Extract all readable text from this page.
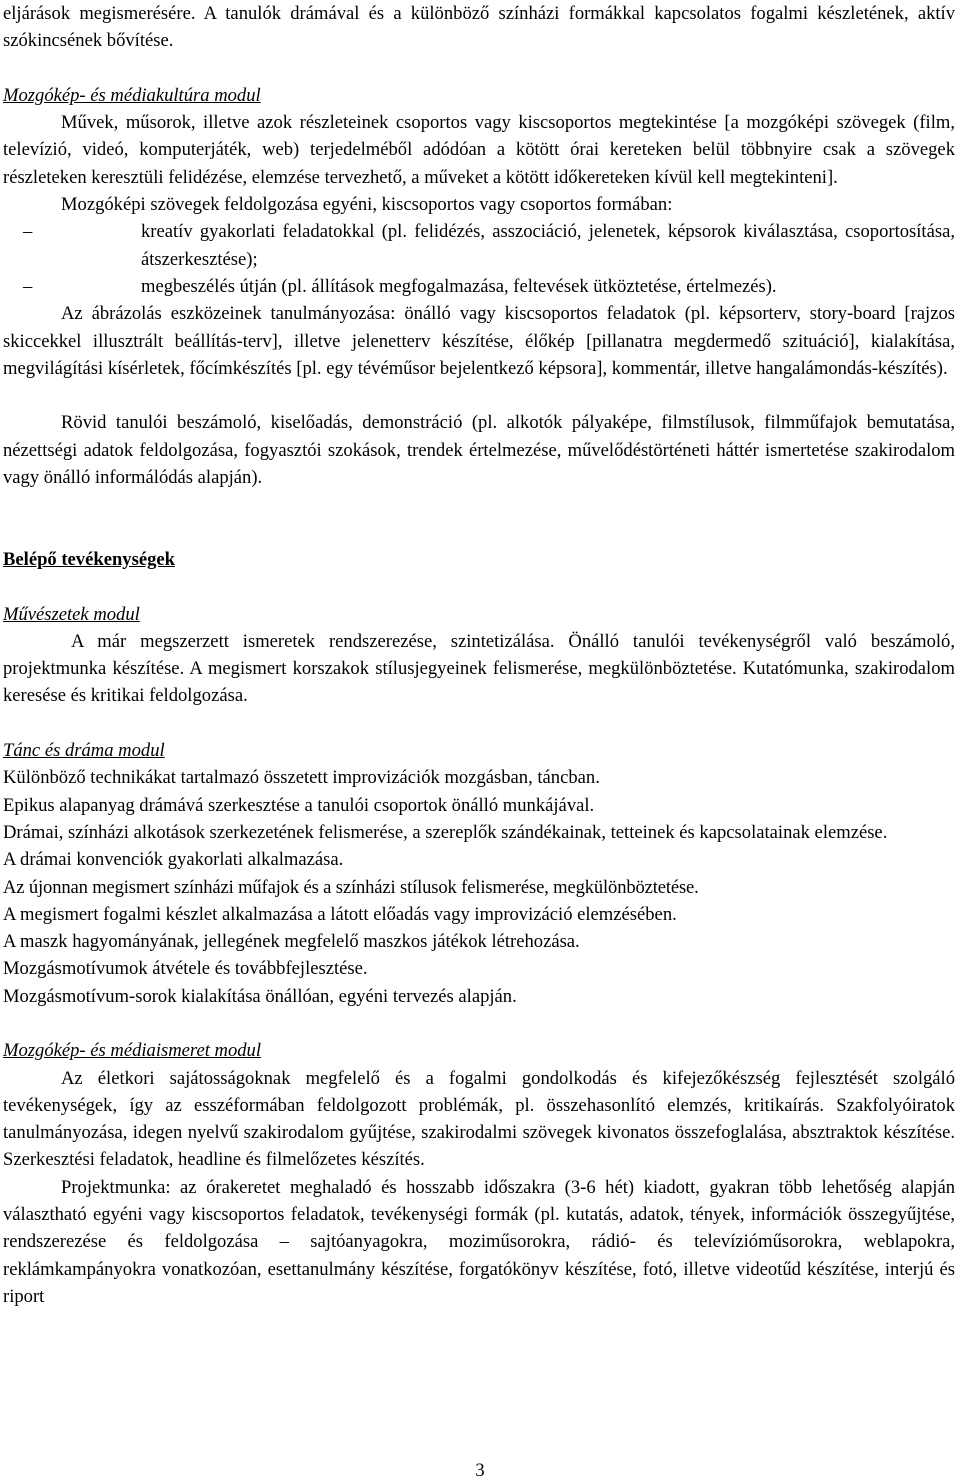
eljárások megismerésére. A tanulók drámával és a különböző színházi formákkal kapcsolatos fogalmi készletének, aktív szókincsének bővítése.

Mozgókép- és médiakultúra modul

Művek, műsorok, illetve azok részleteinek csoportos vagy kiscsoportos megtekintése [a mozgóképi szövegek (film, televízió, videó, komputerjáték, web) terjedelméből adódóan a kötött órai kereteken belül többnyire csak a szövegek részleteken keresztüli felidézése, elemzése tervezhető, a műveket a kötött időkereteken kívül kell megtekinteni].

Mozgóképi szövegek feldolgozása egyéni, kiscsoportos vagy csoportos formában:

– kreatív gyakorlati feladatokkal (pl. felidézés, asszociáció, jelenetek, képsorok kiválasztása, csoportosítása, átszerkesztése);
– megbeszélés útján (pl. állítások megfogalmazása, feltevések ütköztetése, értelmezés).

Az ábrázolás eszközeinek tanulmányozása: önálló vagy kiscsoportos feladatok (pl. képsorterv, story-board [rajzos skiccekkel illusztrált beállítás-terv], illetve jelenetterv készítése, élőkép [pillanatra megdermedő szituáció], kialakítása, megvilágítási kísérletek, főcímkészítés [pl. egy tévéműsor bejelentkező képsora], kommentár, illetve hangalámondás-készítés).

Rövid tanulói beszámoló, kiselőadás, demonstráció (pl. alkotók pályaképe, filmstílusok, filmműfajok bemutatása, nézettségi adatok feldolgozása, fogyasztói szokások, trendek értelmezése, művelődéstörténeti háttér ismertetése szakirodalom vagy önálló informálódás alapján).

Belépő tevékenységek

Művészetek modul

A már megszerzett ismeretek rendszerezése, szintetizálása. Önálló tanulói tevékenységről való beszámoló, projektmunka készítése. A megismert korszakok stílusjegyeinek felismerése, megkülönböztetése. Kutatómunka, szakirodalom keresése és kritikai feldolgozása.

Tánc és dráma modul

Különböző technikákat tartalmazó összetett improvizációk mozgásban, táncban.

Epikus alapanyag drámává szerkesztése a tanulói csoportok önálló munkájával.

Drámai, színházi alkotások szerkezetének felismerése, a szereplők szándékainak, tetteinek és kapcsolatainak elemzése.

A drámai konvenciók gyakorlati alkalmazása.

Az újonnan megismert színházi műfajok és a színházi stílusok felismerése, megkülönböztetése.

A megismert fogalmi készlet alkalmazása a látott előadás vagy improvizáció elemzésében.

A maszk hagyományának, jellegének megfelelő maszkos játékok létrehozása.

Mozgásmotívumok átvétele és továbbfejlesztése.

Mozgásmotívum-sorok kialakítása önállóan, egyéni tervezés alapján.

Mozgókép- és médiaismeret modul

Az életkori sajátosságoknak megfelelő és a fogalmi gondolkodás és kifejezőkészség fejlesztését szolgáló tevékenységek, így az esszéformában feldolgozott problémák, pl. összehasonlító elemzés, kritikaírás. Szakfolyóiratok tanulmányozása, idegen nyelvű szakirodalom gyűjtése, szakirodalmi szövegek kivonatos összefoglalása, absztraktok készítése. Szerkesztési feladatok, headline és filmelőzetes készítés.

Projektmunka: az órakeretet meghaladó és hosszabb időszakra (3-6 hét) kiadott, gyakran több lehetőség alapján választható egyéni vagy kiscsoportos feladatok, tevékenységi formák (pl. kutatás, adatok, tények, információk összegyűjtése, rendszerezése és feldolgozása – sajtóanyagokra, moziműsorokra, rádió- és televízióműsorokra, weblapokra, reklámkampányokra vonatkozóan, esettanulmány készítése, forgatókönyv készítése, fotó, illetve videotűd készítése, interjú és riport

3
